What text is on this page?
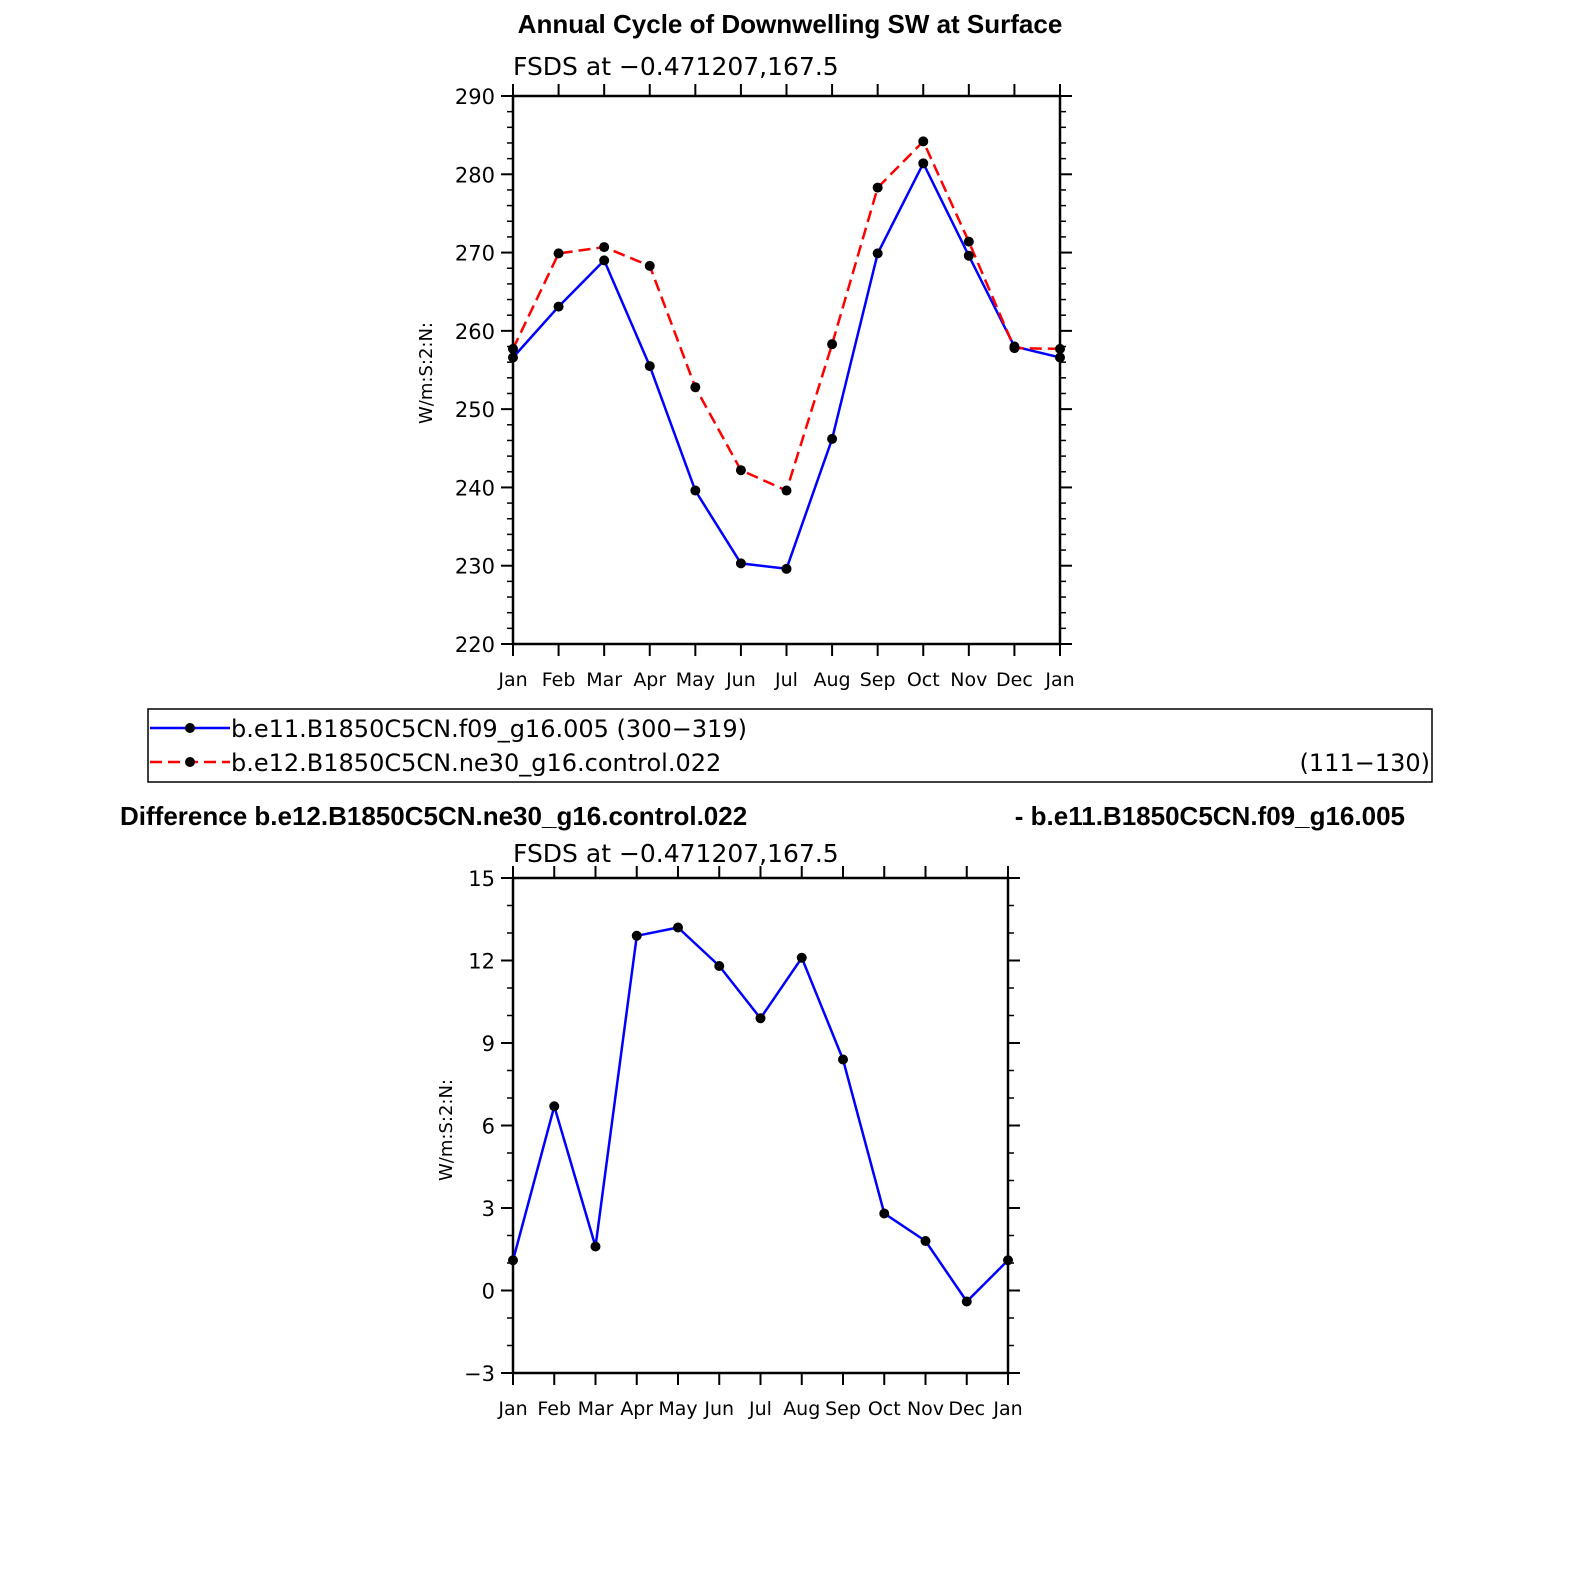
Annual Cycle of Downwelling SW at Surface
FSDS at −0.471207,167.5
W/m:S:2:N:
Jan Feb Mar Apr May Jun Jul Aug Sep Oct Nov Dec Jan
220
230
240
250
260
270
280
290
b.e11.B1850C5CN.f09_g16.005 (300−319)
b.e12.B1850C5CN.ne30_g16.control.022	(111−130)
Difference b.e12.B1850C5CN.ne30_g16.control.022	- b.e11.B1850C5CN.f09_g16.005
FSDS at −0.471207,167.5
W/m:S:2:N:
Jan Feb Mar Apr May Jun Jul Aug Sep Oct Nov Dec Jan
−3
0
3
6
9
12
15
